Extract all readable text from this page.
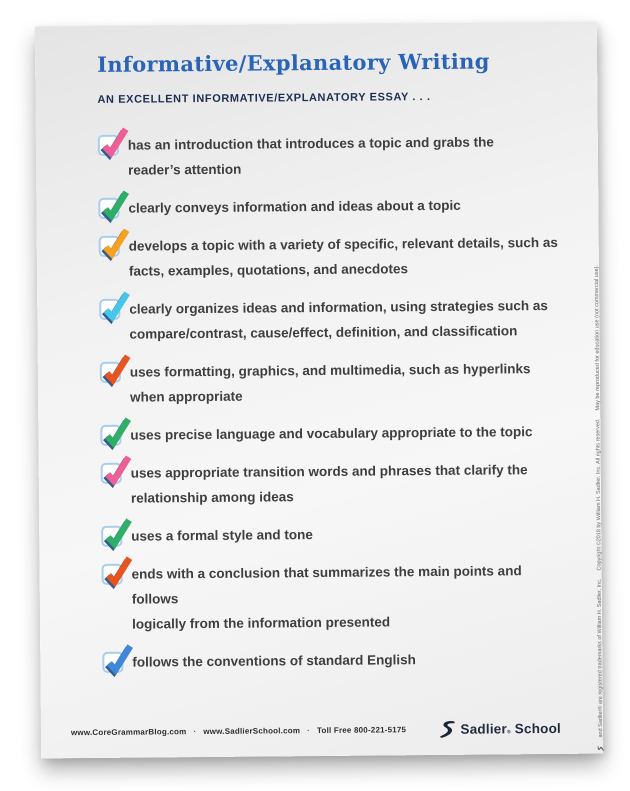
Informative/Explanatory Writing
AN EXCELLENT INFORMATIVE/EXPLANATORY ESSAY . . .
has an introduction that introduces a topic and grabs the
reader’s attention
clearly conveys information and ideas about a topic
develops a topic with a variety of specific, relevant details, such as
facts, examples, quotations, and anecdotes
clearly organizes ideas and information, using strategies such as
compare/contrast, cause/effect, definition, and classification
uses formatting, graphics, and multimedia, such as hyperlinks
when appropriate
uses precise language and vocabulary appropriate to the topic
uses appropriate transition words and phrases that clarify the
relationship among ideas
uses a formal style and tone
ends with a conclusion that summarizes the main points and follows
logically from the information presented
follows the conventions of standard English
www.CoreGrammarBlog.com · www.SadlierSchool.com · Toll Free 800-221-5175	Sadlier® School	and Sadlier® are registered trademarks of William H. Sadlier, Inc.
Copyright ©2018 by William H. Sadlier, Inc. All rights reserved.
May be reproduced for education use (not commercial use).
